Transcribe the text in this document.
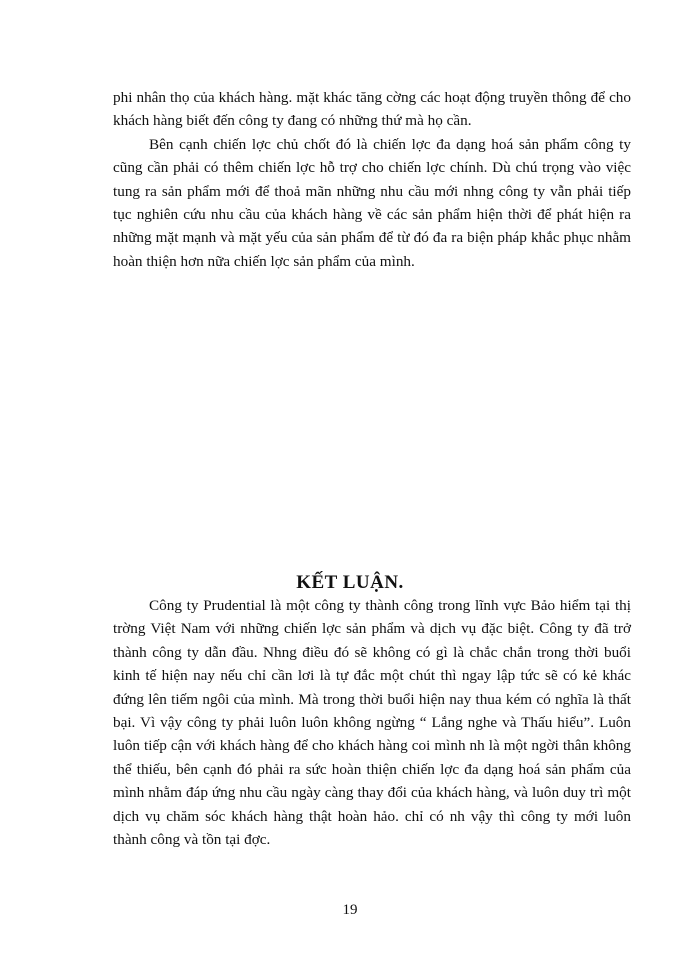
phi nhân thọ của khách hàng. mặt khác tăng cờng các hoạt động truyền thông để cho khách hàng biết đến công ty đang có những thứ mà họ cần.

Bên cạnh chiến lợc chủ chốt đó là chiến lợc đa dạng hoá sản phẩm công ty cũng cần phải có thêm chiến lợc hỗ trợ cho chiến lợc chính. Dù chú trọng vào việc tung ra sản phẩm mới để thoả mãn những nhu cầu mới nhng công ty vẫn phải tiếp tục nghiên cứu nhu cầu của khách hàng về các sản phẩm hiện thời để phát hiện ra những mặt mạnh và mặt yếu của sản phẩm để từ đó đa ra biện pháp khắc phục nhằm hoàn thiện hơn nữa chiến lợc sản phẩm của mình.

KẾT LUẬN.

Công ty Prudential là một công ty thành công trong lĩnh vực Bảo hiểm tại thị trờng Việt Nam với những chiến lợc sản phẩm và dịch vụ đặc biệt. Công ty đã trở thành công ty dẫn đầu. Nhng điều đó sẽ không có gì là chắc chắn trong thời buổi kinh tế hiện nay nếu chỉ cần lơi là tự đắc một chút thì ngay lập tức sẽ có kẻ khác đứng lên tiếm ngôi của mình. Mà trong thời buổi hiện nay thua kém có nghĩa là thất bại. Vì vậy công ty phải luôn luôn không ngừng “ Lắng nghe và Thấu hiểu”. Luôn luôn tiếp cận với khách hàng để cho khách hàng coi mình nh là một ngời thân không thể thiếu, bên cạnh đó phải ra sức hoàn thiện chiến lợc đa dạng hoá sản phẩm của mình nhằm đáp ứng nhu cầu ngày càng thay đổi của khách hàng, và luôn duy trì một dịch vụ chăm sóc khách hàng thật hoàn hảo. chỉ có nh vậy thì công ty mới luôn thành công và tồn tại đợc.

19
